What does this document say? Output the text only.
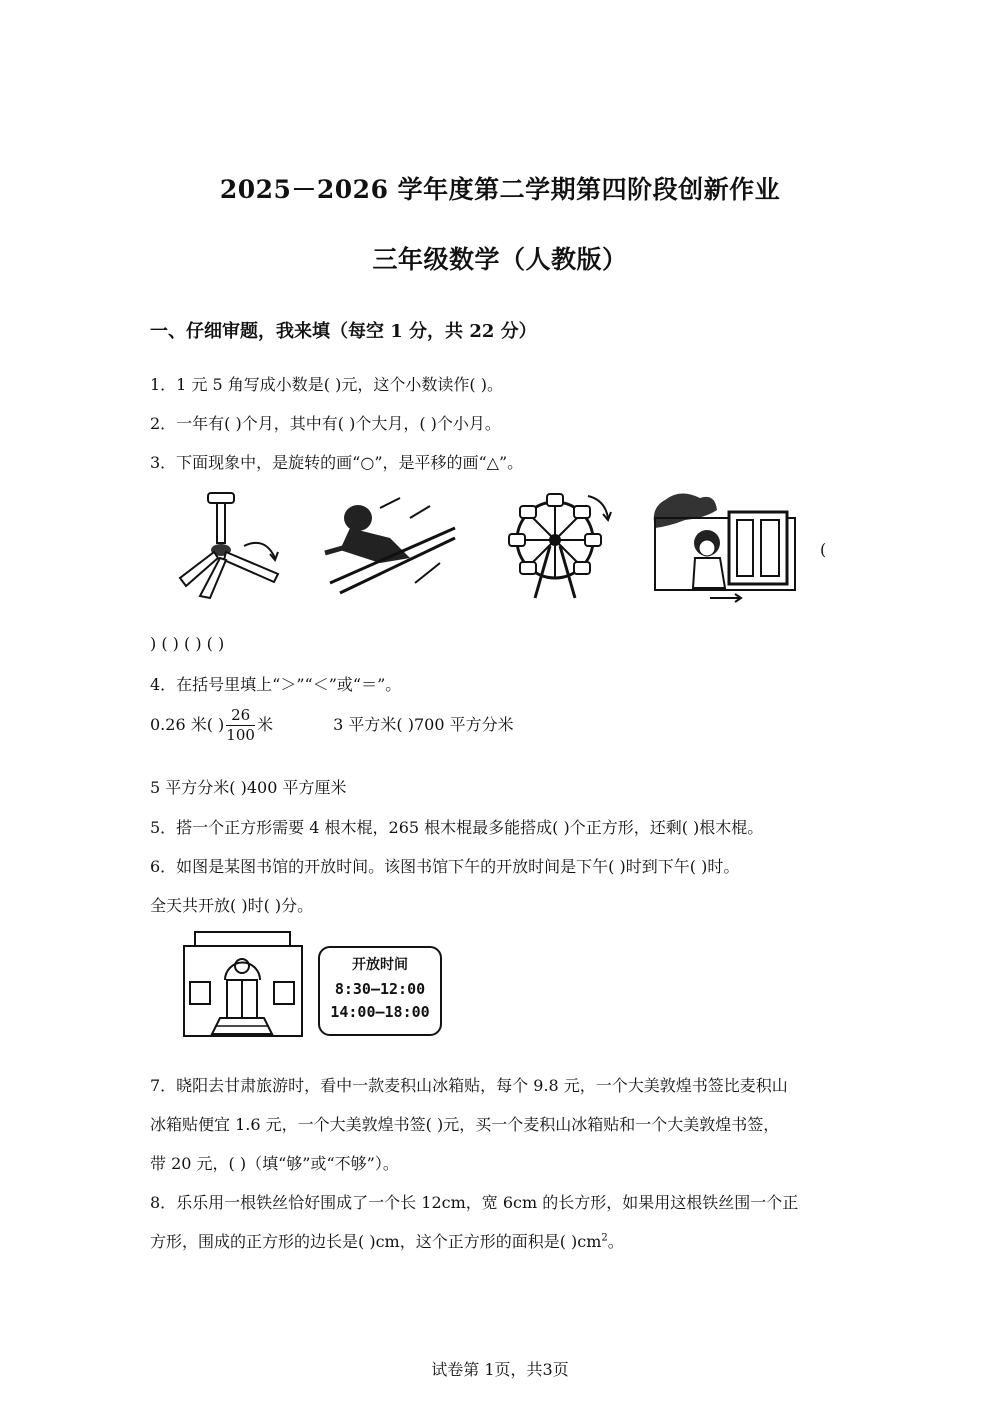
2025－2026 学年度第二学期第四阶段创新作业
三年级数学（人教版）
一、仔细审题，我来填（每空 1 分，共 22 分）
1．1 元 5 角写成小数是( )元，这个小数读作( )。
2．一年有( )个月，其中有( )个大月，( )个小月。
3．下面现象中，是旋转的画“○”，是平移的画“△”。
(
) ( ) ( ) ( )
4．在括号里填上“＞”“＜”或“＝”。
0.26 米( ) $\frac{26}{100}$ 米	3 平方米( )700 平方分米
5 平方分米( )400 平方厘米
5．搭一个正方形需要 4 根木棍，265 根木棍最多能搭成( )个正方形，还剩( )根木棍。
6．如图是某图书馆的开放时间。该图书馆下午的开放时间是下午( )时到下午( )时。
全天共开放( )时( )分。
开放时间
8:30—12:00
14:00—18:00
7．晓阳去甘肃旅游时，看中一款麦积山冰箱贴，每个 9.8 元，一个大美敦煌书签比麦积山
冰箱贴便宜 1.6 元，一个大美敦煌书签( )元，买一个麦积山冰箱贴和一个大美敦煌书签，
带 20 元，( )（填“够”或“不够”）。
8．乐乐用一根铁丝恰好围成了一个长 12cm，宽 6cm 的长方形，如果用这根铁丝围一个正
方形，围成的正方形的边长是( )cm，这个正方形的面积是( )$cm^2$。
试卷第 1页，共3页
